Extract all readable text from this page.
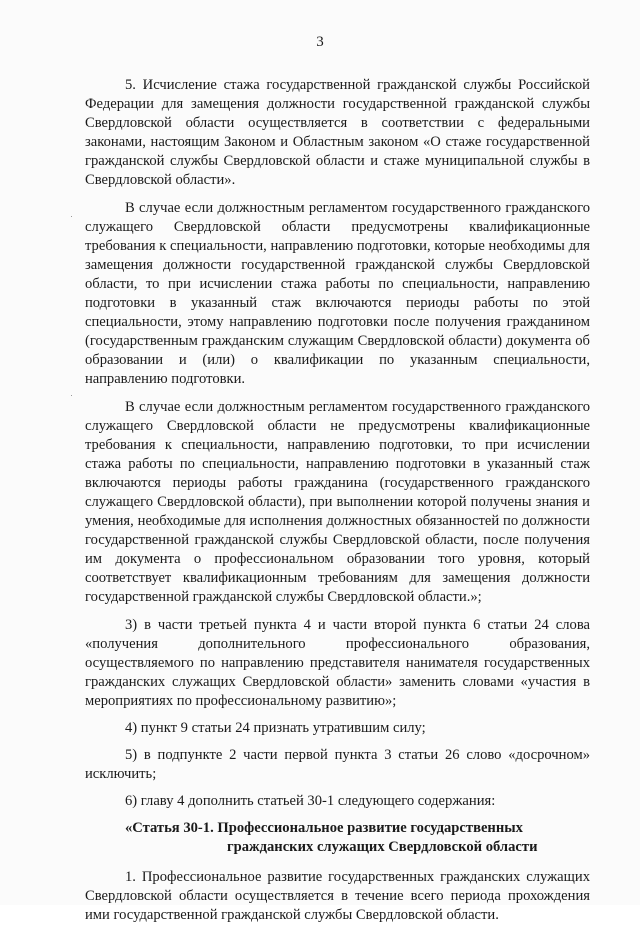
3

5. Исчисление стажа государственной гражданской службы Российской Федерации для замещения должности государственной гражданской службы Свердловской области осуществляется в соответствии с федеральными законами, настоящим Законом и Областным законом «О стаже государственной гражданской службы Свердловской области и стаже муниципальной службы в Свердловской области».

В случае если должностным регламентом государственного гражданского служащего Свердловской области предусмотрены квалификационные требования к специальности, направлению подготовки, которые необходимы для замещения должности государственной гражданской службы Свердловской области, то при исчислении стажа работы по специальности, направлению подготовки в указанный стаж включаются периоды работы по этой специальности, этому направлению подготовки после получения гражданином (государственным гражданским служащим Свердловской области) документа об образовании и (или) о квалификации по указанным специальности, направлению подготовки.

В случае если должностным регламентом государственного гражданского служащего Свердловской области не предусмотрены квалификационные требования к специальности, направлению подготовки, то при исчислении стажа работы по специальности, направлению подготовки в указанный стаж включаются периоды работы гражданина (государственного гражданского служащего Свердловской области), при выполнении которой получены знания и умения, необходимые для исполнения должностных обязанностей по должности государственной гражданской службы Свердловской области, после получения им документа о профессиональном образовании того уровня, который соответствует квалификационным требованиям для замещения должности государственной гражданской службы Свердловской области.»;

3) в части третьей пункта 4 и части второй пункта 6 статьи 24 слова «получения дополнительного профессионального образования, осуществляемого по направлению представителя нанимателя государственных гражданских служащих Свердловской области» заменить словами «участия в мероприятиях по профессиональному развитию»;

4) пункт 9 статьи 24 признать утратившим силу;

5) в подпункте 2 части первой пункта 3 статьи 26 слово «досрочном» исключить;

6) главу 4 дополнить статьей 30-1 следующего содержания:

«Статья 30-1. Профессиональное развитие государственных
гражданских служащих Свердловской области

1. Профессиональное развитие государственных гражданских служащих Свердловской области осуществляется в течение всего периода прохождения ими государственной гражданской службы Свердловской области.
